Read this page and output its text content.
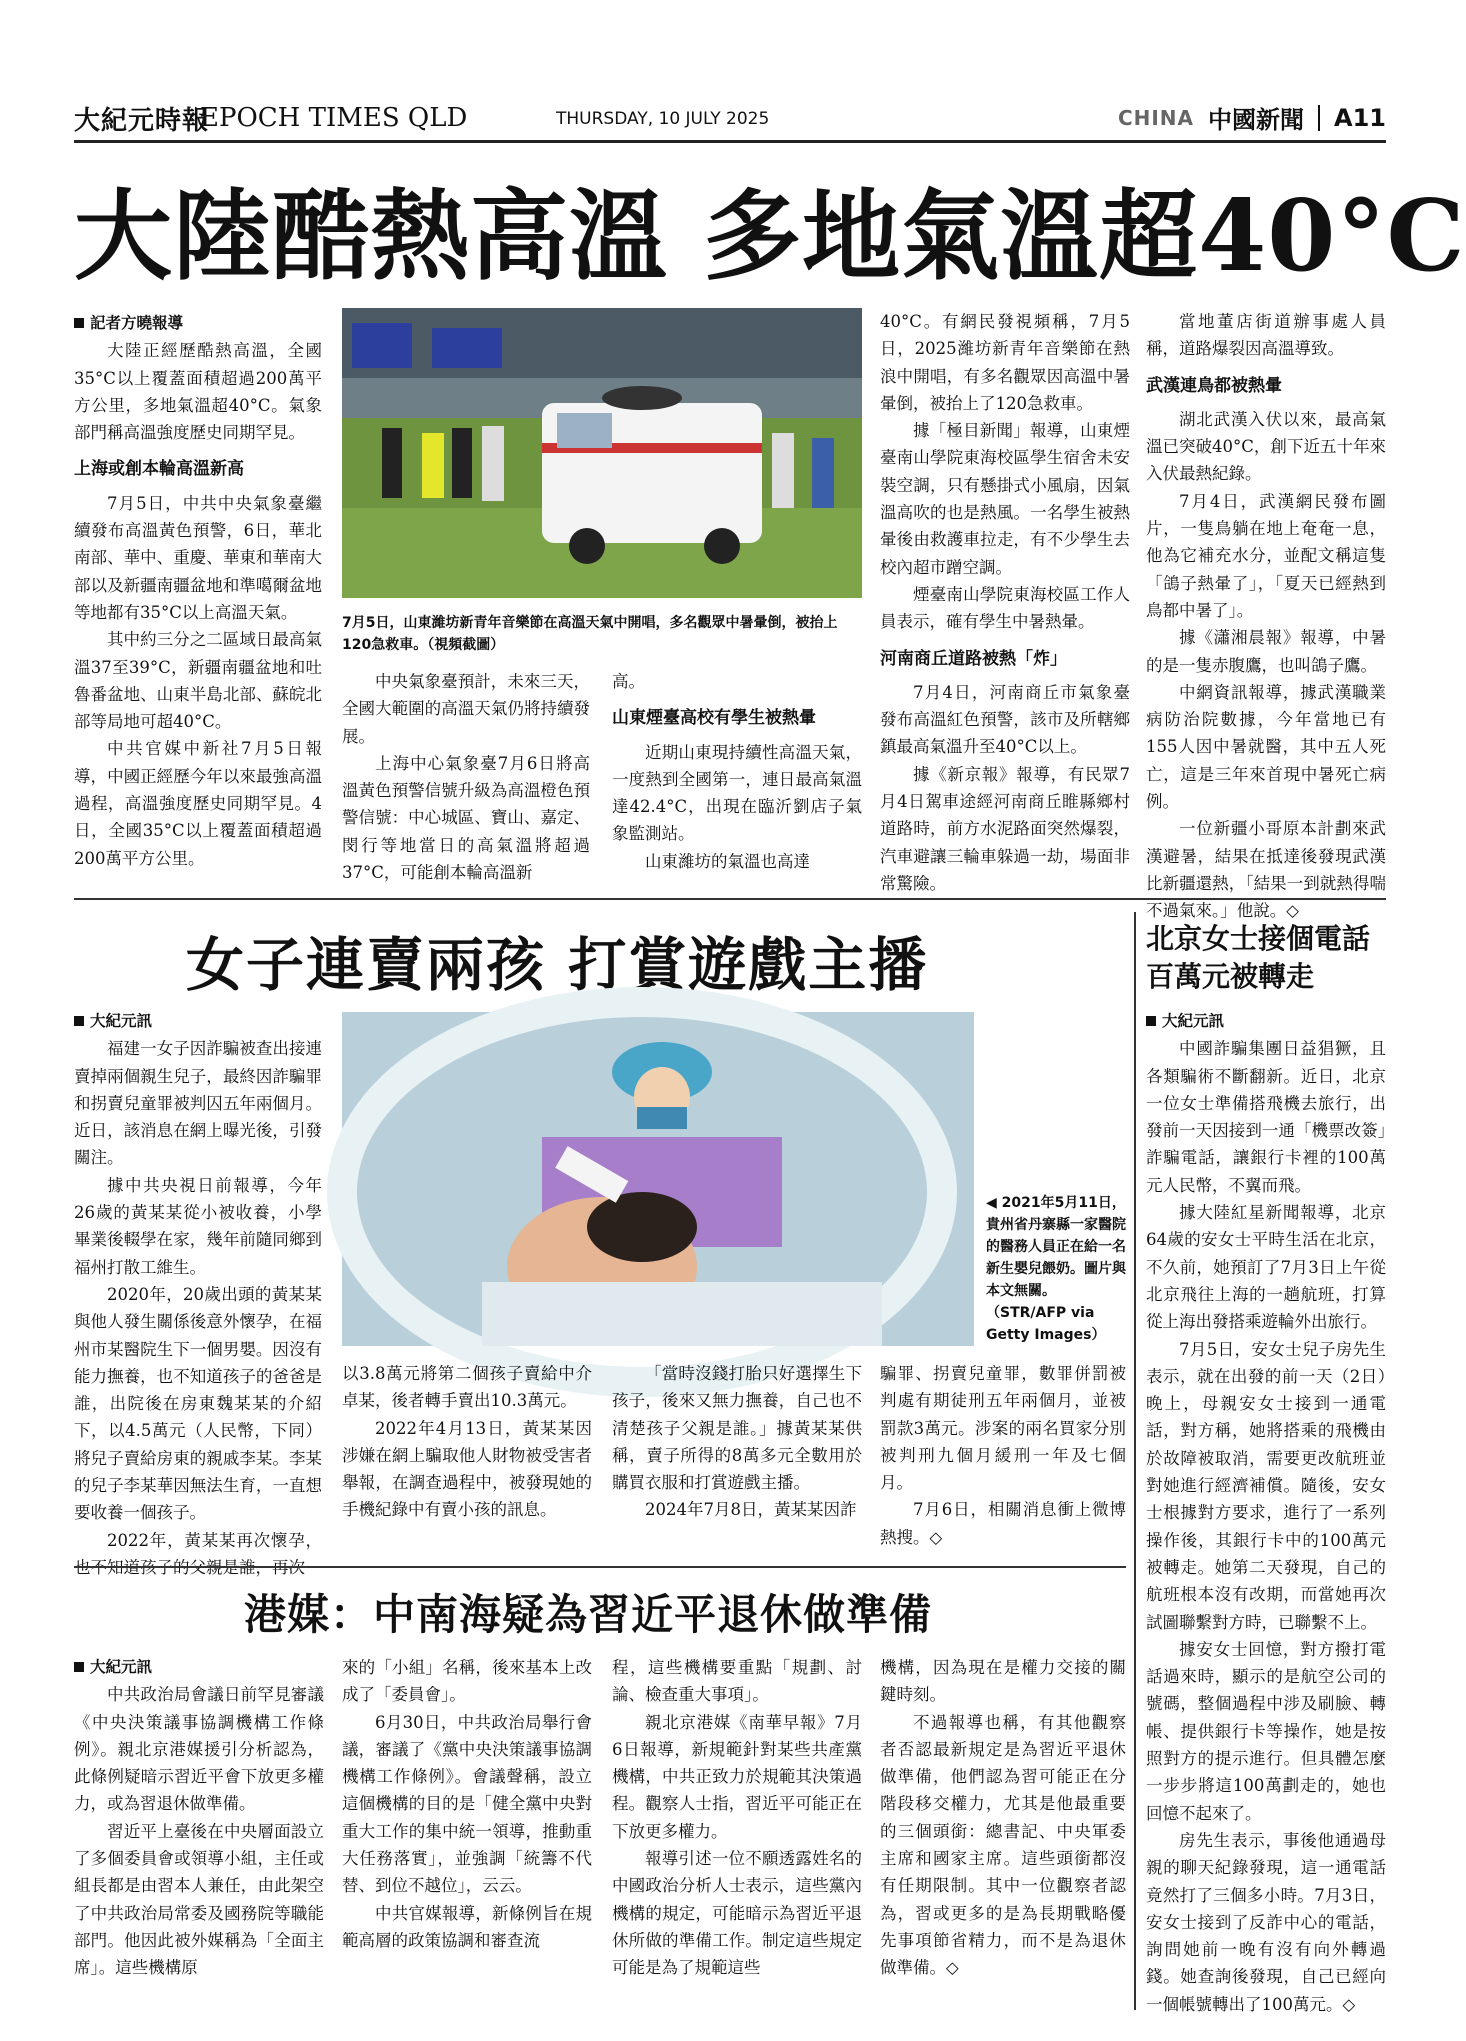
大紀元時報
EPOCH TIMES QLD	THURSDAY, 10 JULY 2025	CHINA 中國新聞 A11
大陸酷熱高溫 多地氣溫超40°C
記者方曉報導

大陸正經歷酷熱高溫，全國35°C以上覆蓋面積超過200萬平方公里，多地氣溫超40°C。氣象部門稱高溫強度歷史同期罕見。

上海或創本輪高溫新高

7月5日，中共中央氣象臺繼續發布高溫黃色預警，6日，華北南部、華中、重慶、華東和華南大部以及新疆南疆盆地和準噶爾盆地等地都有35°C以上高溫天氣。

其中約三分之二區域日最高氣溫37至39°C，新疆南疆盆地和吐魯番盆地、山東半島北部、蘇皖北部等局地可超40°C。

中共官媒中新社7月5日報導，中國正經歷今年以來最強高溫過程，高溫強度歷史同期罕見。4日，全國35°C以上覆蓋面積超過200萬平方公里。

7月5日，山東濰坊新青年音樂節在高溫天氣中開唱，多名觀眾中暑暈倒，被抬上120急救車。（視頻截圖）

中央氣象臺預計，未來三天，全國大範圍的高溫天氣仍將持續發展。

上海中心氣象臺7月6日將高溫黃色預警信號升級為高溫橙色預警信號：中心城區、寶山、嘉定、閔行等地當日的高氣溫將超過37°C，可能創本輪高溫新

高。

山東煙臺高校有學生被熱暈

近期山東現持續性高溫天氣，一度熱到全國第一，連日最高氣溫達42.4°C，出現在臨沂劉店子氣象監測站。

山東濰坊的氣溫也高達

40°C。有網民發視頻稱，7月5日，2025濰坊新青年音樂節在熱浪中開唱，有多名觀眾因高溫中暑暈倒，被抬上了120急救車。

據「極目新聞」報導，山東煙臺南山學院東海校區學生宿舍未安裝空調，只有懸掛式小風扇，因氣溫高吹的也是熱風。一名學生被熱暈後由救護車拉走，有不少學生去校內超市蹭空調。

煙臺南山學院東海校區工作人員表示，確有學生中暑熱暈。

河南商丘道路被熱「炸」

7月4日，河南商丘市氣象臺發布高溫紅色預警，該市及所轄鄉鎮最高氣溫升至40°C以上。

據《新京報》報導，有民眾7月4日駕車途經河南商丘睢縣鄉村道路時，前方水泥路面突然爆裂，汽車避讓三輪車躲過一劫，場面非常驚險。

當地董店街道辦事處人員稱，道路爆裂因高溫導致。

武漢連鳥都被熱暈

湖北武漢入伏以來，最高氣溫已突破40°C，創下近五十年來入伏最熱紀錄。

7月4日，武漢網民發布圖片，一隻鳥躺在地上奄奄一息，他為它補充水分，並配文稱這隻「鴿子熱暈了」，「夏天已經熱到鳥都中暑了」。

據《瀟湘晨報》報導，中暑的是一隻赤腹鷹，也叫鴿子鷹。

中網資訊報導，據武漢職業病防治院數據，今年當地已有155人因中暑就醫，其中五人死亡，這是三年來首現中暑死亡病例。

一位新疆小哥原本計劃來武漢避暑，結果在抵達後發現武漢比新疆還熱，「結果一到就熱得喘不過氣來。」他說。◇

女子連賣兩孩 打賞遊戲主播
大紀元訊

福建一女子因詐騙被查出接連賣掉兩個親生兒子，最終因詐騙罪和拐賣兒童罪被判囚五年兩個月。近日，該消息在網上曝光後，引發關注。

據中共央視日前報導，今年26歲的黃某某從小被收養，小學畢業後輟學在家，幾年前隨同鄉到福州打散工維生。

2020年，20歲出頭的黃某某與他人發生關係後意外懷孕，在福州市某醫院生下一個男嬰。因沒有能力撫養，也不知道孩子的爸爸是誰，出院後在房東魏某某的介紹下，以4.5萬元（人民幣，下同）將兒子賣給房東的親戚李某。李某的兒子李某華因無法生育，一直想要收養一個孩子。

2022年，黃某某再次懷孕，

◀ 2021年5月11日，貴州省丹寨縣一家醫院的醫務人員正在給一名新生嬰兒餵奶。圖片與本文無關。（STR/AFP via Getty Images）

以3.8萬元將第二個孩子賣給中介卓某，後者轉手賣出10.3萬元。

2022年4月13日，黃某某因涉嫌在網上騙取他人財物被受害者舉報，在調查過程中，被發現她的手機紀錄中有賣小孩的訊息。

「當時沒錢打胎只好選擇生下孩子，後來又無力撫養，自己也不清楚孩子父親是誰。」據黃某某供稱，賣子所得的8萬多元全數用於購買衣服和打賞遊戲主播。

2024年7月8日，黃某某因詐

騙罪、拐賣兒童罪，數罪併罰被判處有期徒刑五年兩個月，並被罰款3萬元。涉案的兩名買家分別被判刑九個月緩刑一年及七個月。

7月6日，相關消息衝上微博熱搜。◇

港媒：中南海疑為習近平退休做準備
大紀元訊

中共政治局會議日前罕見審議《中央決策議事協調機構工作條例》。親北京港媒援引分析認為，此條例疑暗示習近平會下放更多權力，或為習退休做準備。

習近平上臺後在中央層面設立了多個委員會或領導小組，主任或組長都是由習本人兼任，由此架空了中共政治局常委及國務院等職能部門。他因此被外媒稱為「全面主席」。這些機構原

來的「小組」名稱，後來基本上改成了「委員會」。

6月30日，中共政治局舉行會議，審議了《黨中央決策議事協調機構工作條例》。會議聲稱，設立這個機構的目的是「健全黨中央對重大工作的集中統一領導，推動重大任務落實」，並強調「統籌不代替、到位不越位」，云云。

中共官媒報導，新條例旨在規範高層的政策協調和審查流

程，這些機構要重點「規劃、討論、檢查重大事項」。

親北京港媒《南華早報》7月6日報導，新規範針對某些共產黨機構，中共正致力於規範其決策過程。觀察人士指，習近平可能正在下放更多權力。

報導引述一位不願透露姓名的中國政治分析人士表示，這些黨內機構的規定，可能暗示為習近平退休所做的準備工作。制定這些規定可能是為了規範這些

機構，因為現在是權力交接的關鍵時刻。

不過報導也稱，有其他觀察者否認最新規定是為習近平退休做準備，他們認為習可能正在分階段移交權力，尤其是他最重要的三個頭銜：總書記、中央軍委主席和國家主席。這些頭銜都沒有任期限制。其中一位觀察者認為，習或更多的是為長期戰略優先事項節省精力，而不是為退休做準備。◇

北京女士接個電話 百萬元被轉走
大紀元訊

中國詐騙集團日益猖獗，且各類騙術不斷翻新。近日，北京一位女士準備搭飛機去旅行，出發前一天因接到一通「機票改簽」詐騙電話，讓銀行卡裡的100萬元人民幣，不翼而飛。

據大陸紅星新聞報導，北京64歲的安女士平時生活在北京，不久前，她預訂了7月3日上午從北京飛往上海的一趟航班，打算從上海出發搭乘遊輪外出旅行。

7月5日，安女士兒子房先生表示，就在出發的前一天（2日）晚上，母親安女士接到一通電話，對方稱，她將搭乘的飛機由於故障被取消，需要更改航班並對她進行經濟補償。隨後，安女士根據對方要求，進行了一系列操作後，其銀行卡中的100萬元被轉走。她第二天發現，自己的航班根本沒有改期，而當她再次試圖聯繫對方時，已聯繫不上。

據安女士回憶，對方撥打電話過來時，顯示的是航空公司的號碼，整個過程中涉及刷臉、轉帳、提供銀行卡等操作，她是按照對方的提示進行。但具體怎麼一步步將這100萬劃走的，她也回憶不起來了。

房先生表示，事後他通過母親的聊天紀錄發現，這一通電話竟然打了三個多小時。7月3日，安女士接到了反詐中心的電話，詢問她前一晚有沒有向外轉過錢。她查詢後發現，自己已經向一個帳號轉出了100萬元。◇
